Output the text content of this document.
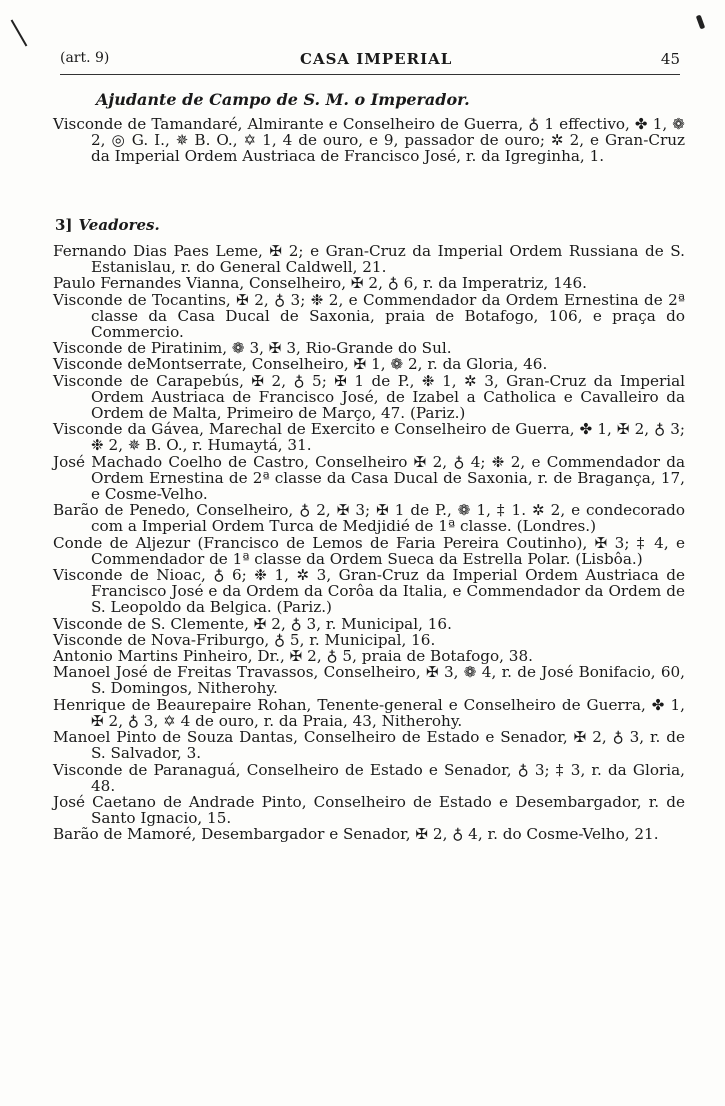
(art. 9)	CASA IMPERIAL	45
Ajudante de Campo de S. M. o Imperador.

Visconde de Tamandaré, Almirante e Conselheiro de Guerra, ♁ 1 effectivo, ✤ 1, ❁ 2, ◎ G. I., ✵ B. O., ✡ 1, 4 de ouro, e 9, passador de ouro; ✲ 2, e Gran-Cruz da Imperial Ordem Austriaca de Francisco José, r. da Igreginha, 1.

3] Veadores.

Fernando Dias Paes Leme, ✠ 2; e Gran-Cruz da Imperial Ordem Russiana de S. Estanislau, r. do General Caldwell, 21.

Paulo Fernandes Vianna, Conselheiro, ✠ 2, ♁ 6, r. da Imperatriz, 146.

Visconde de Tocantins, ✠ 2, ♁ 3; ❉ 2, e Commendador da Ordem Ernestina de 2ª classe da Casa Ducal de Saxonia, praia de Botafogo, 106, e praça do Commercio.

Visconde de Piratinim, ❁ 3, ✠ 3, Rio-Grande do Sul.

Visconde deMontserrate, Conselheiro, ✠ 1, ❁ 2, r. da Gloria, 46.

Visconde de Carapebús, ✠ 2, ♁ 5; ✠ 1 de P., ❉ 1, ✲ 3, Gran-Cruz da Imperial Ordem Austriaca de Francisco José, de Izabel a Catholica e Cavalleiro da Ordem de Malta, Primeiro de Março, 47. (Pariz.)

Visconde da Gávea, Marechal de Exercito e Conselheiro de Guerra, ✤ 1, ✠ 2, ♁ 3; ❉ 2, ✵ B. O., r. Humaytá, 31.

José Machado Coelho de Castro, Conselheiro ✠ 2, ♁ 4; ❉ 2, e Commendador da Ordem Ernestina de 2ª classe da Casa Ducal de Saxonia, r. de Bragança, 17, e Cosme-Velho.

Barão de Penedo, Conselheiro, ♁ 2, ✠ 3; ✠ 1 de P., ❁ 1, ‡ 1. ✲ 2, e condecorado com a Imperial Ordem Turca de Medjidié de 1ª classe. (Londres.)

Conde de Aljezur (Francisco de Lemos de Faria Pereira Coutinho), ✠ 3; ‡ 4, e Commendador de 1ª classe da Ordem Sueca da Estrella Polar. (Lisbôa.)

Visconde de Nioac, ♁ 6; ❉ 1, ✲ 3, Gran-Cruz da Imperial Ordem Austriaca de Francisco José e da Ordem da Corôa da Italia, e Commendador da Ordem de S. Leopoldo da Belgica. (Pariz.)

Visconde de S. Clemente, ✠ 2, ♁ 3, r. Municipal, 16.

Visconde de Nova-Friburgo, ♁ 5, r. Municipal, 16.

Antonio Martins Pinheiro, Dr., ✠ 2, ♁ 5, praia de Botafogo, 38.

Manoel José de Freitas Travassos, Conselheiro, ✠ 3, ❁ 4, r. de José Bonifacio, 60, S. Domingos, Nitherohy.

Henrique de Beaurepaire Rohan, Tenente-general e Conselheiro de Guerra, ✤ 1, ✠ 2, ♁ 3, ✡ 4 de ouro, r. da Praia, 43, Nitherohy.

Manoel Pinto de Souza Dantas, Conselheiro de Estado e Senador, ✠ 2, ♁ 3, r. de S. Salvador, 3.

Visconde de Paranaguá, Conselheiro de Estado e Senador, ♁ 3; ‡ 3, r. da Gloria, 48.

José Caetano de Andrade Pinto, Conselheiro de Estado e Desembargador, r. de Santo Ignacio, 15.

Barão de Mamoré, Desembargador e Senador, ✠ 2, ♁ 4, r. do Cosme-Velho, 21.
